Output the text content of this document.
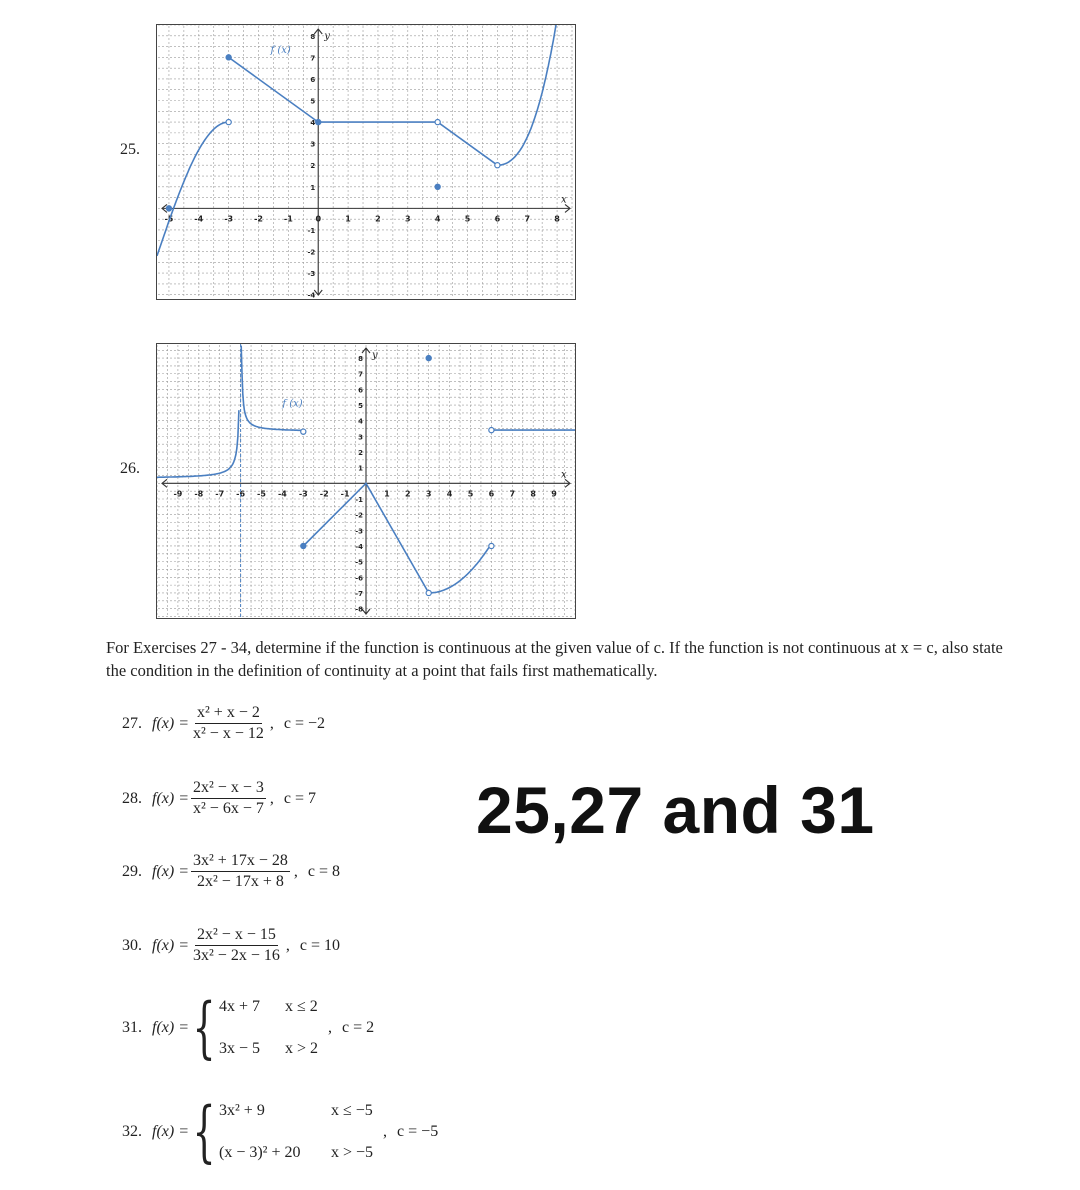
25.
-5	-4	-3	-2	-1	0	1	2	3	4	5	6	7	8
8
7
6
5
4
3
2
1
-1
-2
-3
-4
x
y
f (x)
26.
-9 -8 -7 -6 -5 -4 -3 -2 -1	1 2 3 4 5 6 7 8 9
8
7
6
5
4
3
2
1
-1
-2
-3
-4
-5
-6
-7
-8
x
y
f (x)
For Exercises 27 - 34, determine if the function is continuous at the given value of c. If the function is not continuous at x = c, also state the condition in the definition of continuity at a point that fails first mathematically.
27. $f(x) = \frac{\text{x² + x − 2}}{\text{x² − x − 12}}$ , c = −2
28. $f(x) = \frac{\text{2x² − x − 3}}{\text{x² − 6x − 7}}$ , c = 7
29. $f(x) = \frac{\text{3x² + 17x − 28}}{\text{2x² − 17x + 8}}$ , c = 8
30. $f(x) = \frac{\text{2x² − x − 15}}{\text{3x² − 2x − 16}}$ , c = 10
31. f(x) = { 4x + 7	x ≤ 2
3x − 5	x > 2
, c = 2
32. f(x) = { 3x² + 9	x ≤ −5
(x − 3)² + 20	x > −5
, c = −5
25,27 and 31
